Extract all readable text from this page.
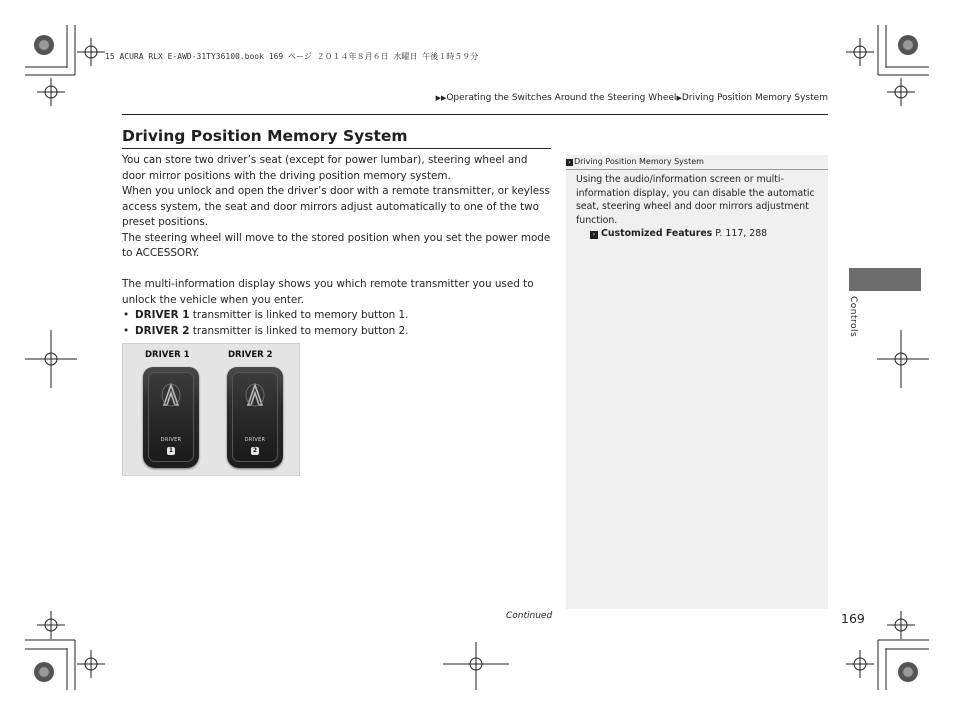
15 ACURA RLX E-AWD-31TY36100.book 169 ページ ２０１４年８月６日 水曜日 午後１時５９分
▶▶Operating the Switches Around the Steering Wheel▶Driving Position Memory System
Driving Position Memory System

You can store two driver’s seat (except for power lumbar), steering wheel and door mirror positions with the driving position memory system.

When you unlock and open the driver’s door with a remote transmitter, or keyless access system, the seat and door mirrors adjust automatically to one of the two preset positions.

The steering wheel will move to the stored position when you set the power mode to ACCESSORY.

The multi-information display shows you which remote transmitter you used to unlock the vehicle when you enter.

• DRIVER 1 transmitter is linked to memory button 1.
• DRIVER 2 transmitter is linked to memory button 2.
DRIVER 1	DRIVER 2
DRIVER
1
DRIVER
2
› Driving Position Memory System
Using the audio/information screen or multi-information display, you can disable the automatic seat, steering wheel and door mirrors adjustment function.
› Customized Features P. 117, 288
Controls
Continued	169
